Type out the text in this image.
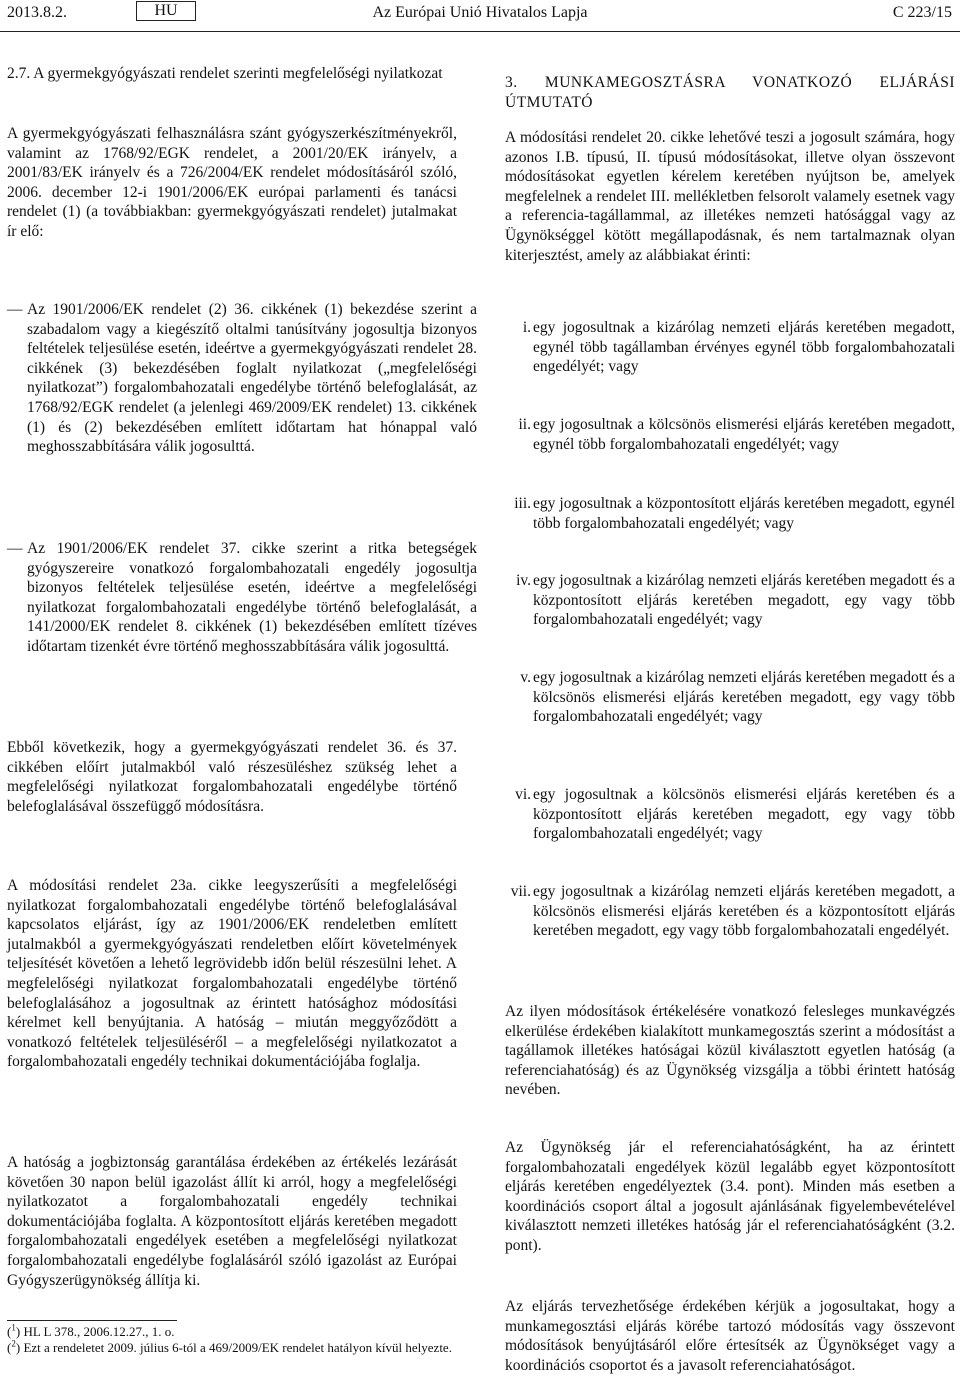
2013.8.2.	Az Európai Unió Hivatalos Lapja
HU	C 223/15
2.7. A gyermekgyógyászati rendelet szerinti megfelelőségi nyilatkozat

A gyermekgyógyászati felhasználásra szánt gyógyszerkészítményekről, valamint az 1768/92/EGK rendelet, a 2001/20/EK irányelv, a 2001/83/EK irányelv és a 726/2004/EK rendelet módosításáról szóló, 2006. december 12-i 1901/2006/EK európai parlamenti és tanácsi rendelet (1) (a továbbiakban: gyermekgyógyászati rendelet) jutalmakat ír elő:

— Az 1901/2006/EK rendelet (2) 36. cikkének (1) bekezdése szerint a szabadalom vagy a kiegészítő oltalmi tanúsítvány jogosultja bizonyos feltételek teljesülése esetén, ideértve a gyermekgyógyászati rendelet 28. cikkének (3) bekezdésében foglalt nyilatkozat („megfelelőségi nyilatkozat”) forgalombahozatali engedélybe történő belefoglalását, az 1768/92/EGK rendelet (a jelenlegi 469/2009/EK rendelet) 13. cikkének (1) és (2) bekezdésében említett időtartam hat hónappal való meghosszabbítására válik jogosulttá.

— Az 1901/2006/EK rendelet 37. cikke szerint a ritka betegségek gyógyszereire vonatkozó forgalombahozatali engedély jogosultja bizonyos feltételek teljesülése esetén, ideértve a megfelelőségi nyilatkozat forgalombahozatali engedélybe történő belefoglalását, a 141/2000/EK rendelet 8. cikkének (1) bekezdésében említett tízéves időtartam tizenkét évre történő meghosszabbítására válik jogosulttá.

Ebből következik, hogy a gyermekgyógyászati rendelet 36. és 37. cikkében előírt jutalmakból való részesüléshez szükség lehet a megfelelőségi nyilatkozat forgalombahozatali engedélybe történő belefoglalásával összefüggő módosításra.

A módosítási rendelet 23a. cikke leegyszerűsíti a megfelelőségi nyilatkozat forgalombahozatali engedélybe történő belefoglalásával kapcsolatos eljárást, így az 1901/2006/EK rendeletben említett jutalmakból a gyermekgyógyászati rendeletben előírt követelmények teljesítését követően a lehető legrövidebb időn belül részesülni lehet. A megfelelőségi nyilatkozat forgalombahozatali engedélybe történő belefoglalásához a jogosultnak az érintett hatósághoz módosítási kérelmet kell benyújtania. A hatóság – miután meggyőződött a vonatkozó feltételek teljesüléséről – a megfelelőségi nyilatkozatot a forgalombahozatali engedély technikai dokumentációjába foglalja.

A hatóság a jogbiztonság garantálása érdekében az értékelés lezárását követően 30 napon belül igazolást állít ki arról, hogy a megfelelőségi nyilatkozatot a forgalombahozatali engedély technikai dokumentációjába foglalta. A központosított eljárás keretében megadott forgalombahozatali engedélyek esetében a megfelelőségi nyilatkozat forgalombahozatali engedélybe foglalásáról szóló igazolást az Európai Gyógyszerügynökség állítja ki.

($^1$) HL L 378., 2006.12.27., 1. o.
($^2$) Ezt a rendeletet 2009. július 6-tól a 469/2009/EK rendelet hatályon kívül helyezte.
3. MUNKAMEGOSZTÁSRA VONATKOZÓ ELJÁRÁSI ÚTMUTATÓ

A módosítási rendelet 20. cikke lehetővé teszi a jogosult számára, hogy azonos I.B. típusú, II. típusú módosításokat, illetve olyan összevont módosításokat egyetlen kérelem keretében nyújtson be, amelyek megfelelnek a rendelet III. mellékletben felsorolt valamely esetnek vagy a referencia-tagállammal, az illetékes nemzeti hatósággal vagy az Ügynökséggel kötött megállapodásnak, és nem tartalmaznak olyan kiterjesztést, amely az alábbiakat érinti:

i. egy jogosultnak a kizárólag nemzeti eljárás keretében megadott, egynél több tagállamban érvényes egynél több forgalombahozatali engedélyét; vagy
ii. egy jogosultnak a kölcsönös elismerési eljárás keretében megadott, egynél több forgalombahozatali engedélyét; vagy
iii. egy jogosultnak a központosított eljárás keretében megadott, egynél több forgalombahozatali engedélyét; vagy
iv. egy jogosultnak a kizárólag nemzeti eljárás keretében megadott és a központosított eljárás keretében megadott, egy vagy több forgalombahozatali engedélyét; vagy
v. egy jogosultnak a kizárólag nemzeti eljárás keretében megadott és a kölcsönös elismerési eljárás keretében megadott, egy vagy több forgalombahozatali engedélyét; vagy
vi. egy jogosultnak a kölcsönös elismerési eljárás keretében és a központosított eljárás keretében megadott, egy vagy több forgalombahozatali engedélyét; vagy
vii. egy jogosultnak a kizárólag nemzeti eljárás keretében megadott, a kölcsönös elismerési eljárás keretében és a központosított eljárás keretében megadott, egy vagy több forgalombahozatali engedélyét.

Az ilyen módosítások értékelésére vonatkozó felesleges munkavégzés elkerülése érdekében kialakított munkamegosztás szerint a módosítást a tagállamok illetékes hatóságai közül kiválasztott egyetlen hatóság (a referenciahatóság) és az Ügynökség vizsgálja a többi érintett hatóság nevében.

Az Ügynökség jár el referenciahatóságként, ha az érintett forgalombahozatali engedélyek közül legalább egyet központosított eljárás keretében engedélyeztek (3.4. pont). Minden más esetben a koordinációs csoport által a jogosult ajánlásának figyelembevételével kiválasztott nemzeti illetékes hatóság jár el referenciahatóságként (3.2. pont).

Az eljárás tervezhetősége érdekében kérjük a jogosultakat, hogy a munkamegosztási eljárás körébe tartozó módosítás vagy összevont módosítások benyújtásáról előre értesítsék az Ügynökséget vagy a koordinációs csoportot és a javasolt referenciahatóságot.
